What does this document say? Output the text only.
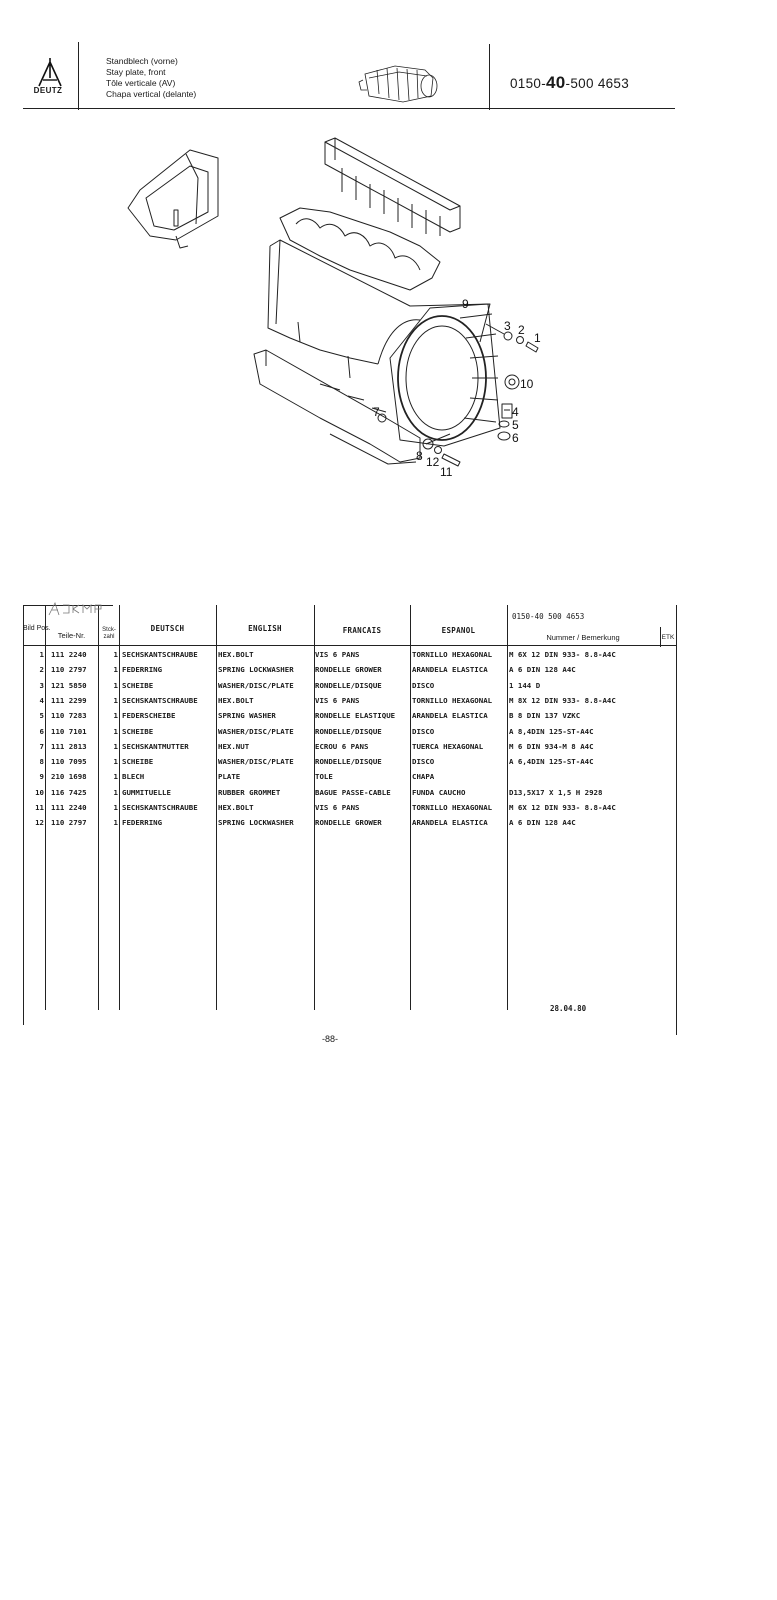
DEUTZ
Standblech (vorne)
Stay plate, front
Tôle verticale (AV)
Chapa vertical (delante)
0150-40-500 4653
3 2
1
9
10
4
5
6
7
8 12
11
0150-40 500 4653
Bild Pos.
Teile-Nr.
Stck-zahl
DEUTSCH	ENGLISH	FRANCAIS	ESPANOL
Nummer / Bemerkung	ETK
1 111 2240	1 SECHSKANTSCHRAUBE	HEX.BOLT	VIS 6 PANS	TORNILLO HEXAGONAL	M 6X 12 DIN 933- 8.8-A4C
2 110 2797	1 FEDERRING	SPRING LOCKWASHER	RONDELLE GROWER	ARANDELA ELASTICA	A 6 DIN 128 A4C
3 121 5850	1 SCHEIBE	WASHER/DISC/PLATE	RONDELLE/DISQUE	DISCO	1 144 D
4 111 2299	1 SECHSKANTSCHRAUBE	HEX.BOLT	VIS 6 PANS	TORNILLO HEXAGONAL	M 8X 12 DIN 933- 8.8-A4C
5 110 7283	1 FEDERSCHEIBE	SPRING WASHER	RONDELLE ELASTIQUE	ARANDELA ELASTICA	B 8 DIN 137 VZKC
6 110 7101	1 SCHEIBE	WASHER/DISC/PLATE	RONDELLE/DISQUE	DISCO	A 8,4DIN 125-ST-A4C
7 111 2813	1 SECHSKANTMUTTER	HEX.NUT	ECROU 6 PANS	TUERCA HEXAGONAL	M 6 DIN 934-M 8 A4C
8 110 7095	1 SCHEIBE	WASHER/DISC/PLATE	RONDELLE/DISQUE	DISCO	A 6,4DIN 125-ST-A4C
9 210 1698	1 BLECH	PLATE	TOLE	CHAPA
10 116 7425	1 GUMMITUELLE	RUBBER GROMMET	BAGUE PASSE-CABLE	FUNDA CAUCHO	D13,5X17 X 1,5 H 2928
11 111 2240	1 SECHSKANTSCHRAUBE	HEX.BOLT	VIS 6 PANS	TORNILLO HEXAGONAL	M 6X 12 DIN 933- 8.8-A4C
12 110 2797	1 FEDERRING	SPRING LOCKWASHER	RONDELLE GROWER	ARANDELA ELASTICA	A 6 DIN 128 A4C
28.04.80
-88-
